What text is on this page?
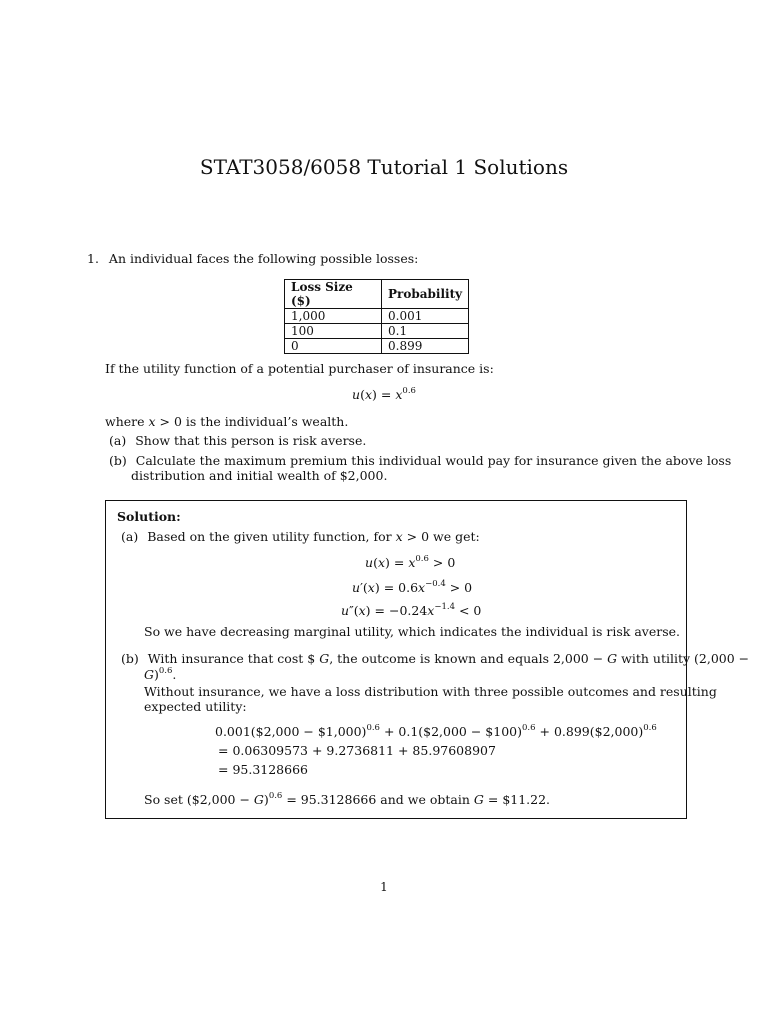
STAT3058/6058 Tutorial 1 Solutions
1. An individual faces the following possible losses:
Loss Size ($)	Probability
1,000	0.001
100	0.1
0	0.899
If the utility function of a potential purchaser of insurance is:
$u(x) = x^{0.6}$
where x > 0 is the individual’s wealth.
(a) Show that this person is risk averse.
(b) Calculate the maximum premium this individual would pay for insurance given the above loss
distribution and initial wealth of $2,000.
Solution:
(a) Based on the given utility function, for x > 0 we get:
$u(x) = x^{0.6} > 0$
$u'(x) = 0.6x^{-0.4} > 0$
$u''(x) = -0.24x^{-1.4} < 0$
So we have decreasing marginal utility, which indicates the individual is risk averse.
(b) With insurance that cost $ G, the outcome is known and equals 2,000 − G with utility (2,000 −
G)$^{0.6}$.
Without insurance, we have a loss distribution with three possible outcomes and resulting
expected utility:
0.001($2,000 − $1,000)$^{0.6}$ + 0.1($2,000 − $100)$^{0.6}$ + 0.899($2,000)$^{0.6}$
= 0.06309573 + 9.2736811 + 85.97608907
= 95.3128666
So set ($2,000 − G)$^{0.6}$ = 95.3128666 and we obtain G = $11.22.
1
